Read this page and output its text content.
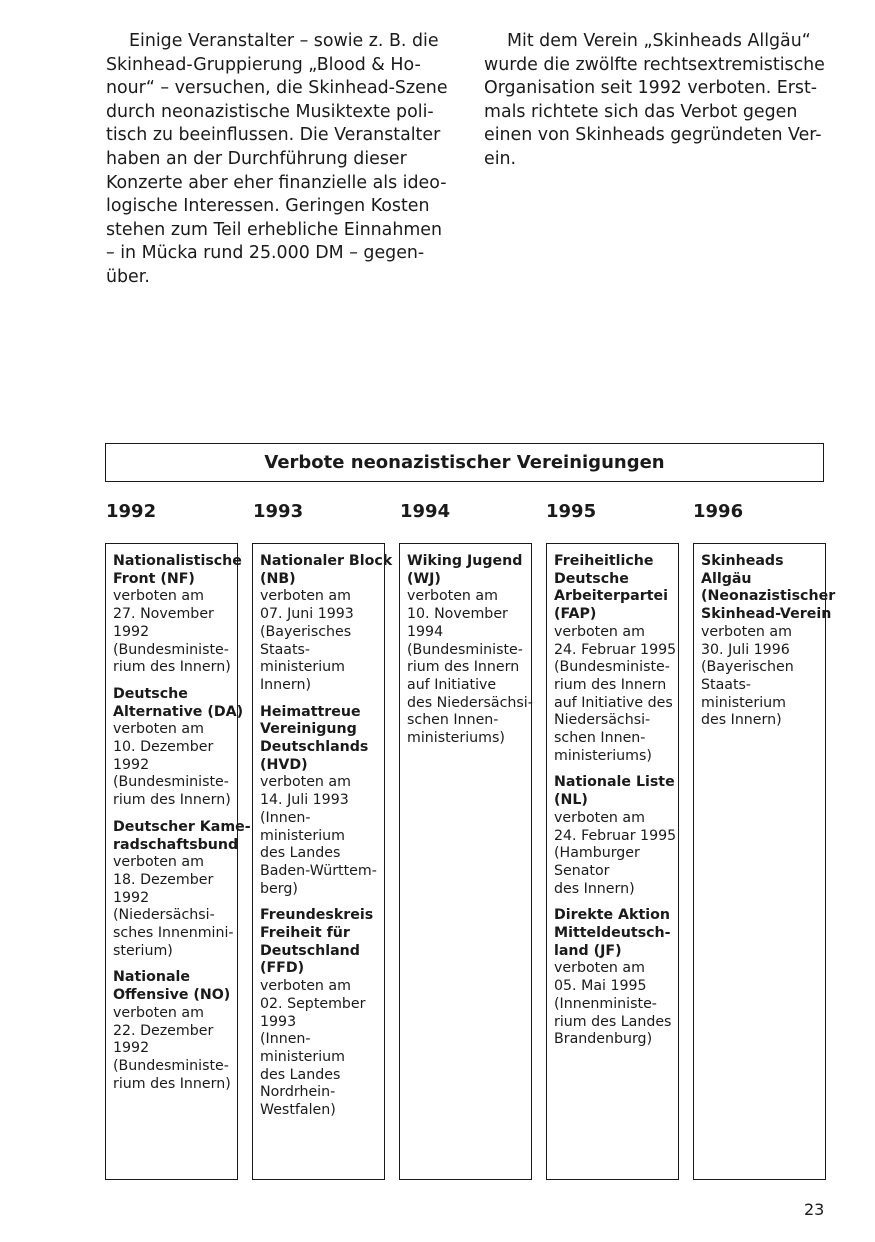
Einige Veranstalter – sowie z. B. die
Skinhead-Gruppierung „Blood & Ho-
nour“ – versuchen, die Skinhead-Szene
durch neonazistische Musiktexte poli-
tisch zu beeinflussen. Die Veranstalter
haben an der Durchführung dieser
Konzerte aber eher finanzielle als ideo-
logische Interessen. Geringen Kosten
stehen zum Teil erhebliche Einnahmen
– in Mücka rund 25.000 DM – gegen-
über.
Mit dem Verein „Skinheads Allgäu“
wurde die zwölfte rechtsextremistische
Organisation seit 1992 verboten. Erst-
mals richtete sich das Verbot gegen
einen von Skinheads gegründeten Ver-
ein.
Verbote neonazistischer Vereinigungen
1992	1993	1994	1995	1996
Nationalistische
Front (NF)
verboten am
27. November
1992
(Bundesministe-
rium des Innern)
Deutsche
Alternative (DA)
verboten am
10. Dezember
1992
(Bundesministe-
rium des Innern)
Deutscher Kame-
radschaftsbund
verboten am
18. Dezember
1992
(Niedersächsi-
sches Innenmini-
sterium)
Nationale
Offensive (NO)
verboten am
22. Dezember
1992
(Bundesministe-
rium des Innern)
Nationaler Block
(NB)
verboten am
07. Juni 1993
(Bayerisches
Staats-
ministerium
Innern)
Heimattreue
Vereinigung
Deutschlands
(HVD)
verboten am
14. Juli 1993
(Innen-
ministerium
des Landes
Baden-Württem-
berg)
Freundeskreis
Freiheit für
Deutschland
(FFD)
verboten am
02. September
1993
(Innen-
ministerium
des Landes
Nordrhein-
Westfalen)
Wiking Jugend
(WJ)
verboten am
10. November
1994
(Bundesministe-
rium des Innern
auf Initiative
des Niedersächsi-
schen Innen-
ministeriums)
Freiheitliche
Deutsche
Arbeiterpartei
(FAP)
verboten am
24. Februar 1995
(Bundesministe-
rium des Innern
auf Initiative des
Niedersächsi-
schen Innen-
ministeriums)
Nationale Liste
(NL)
verboten am
24. Februar 1995
(Hamburger
Senator
des Innern)
Direkte Aktion
Mitteldeutsch-
land (JF)
verboten am
05. Mai 1995
(Innenministe-
rium des Landes
Brandenburg)
Skinheads
Allgäu
(Neonazistischer
Skinhead-Verein
verboten am
30. Juli 1996
(Bayerischen
Staats-
ministerium
des Innern)
23
